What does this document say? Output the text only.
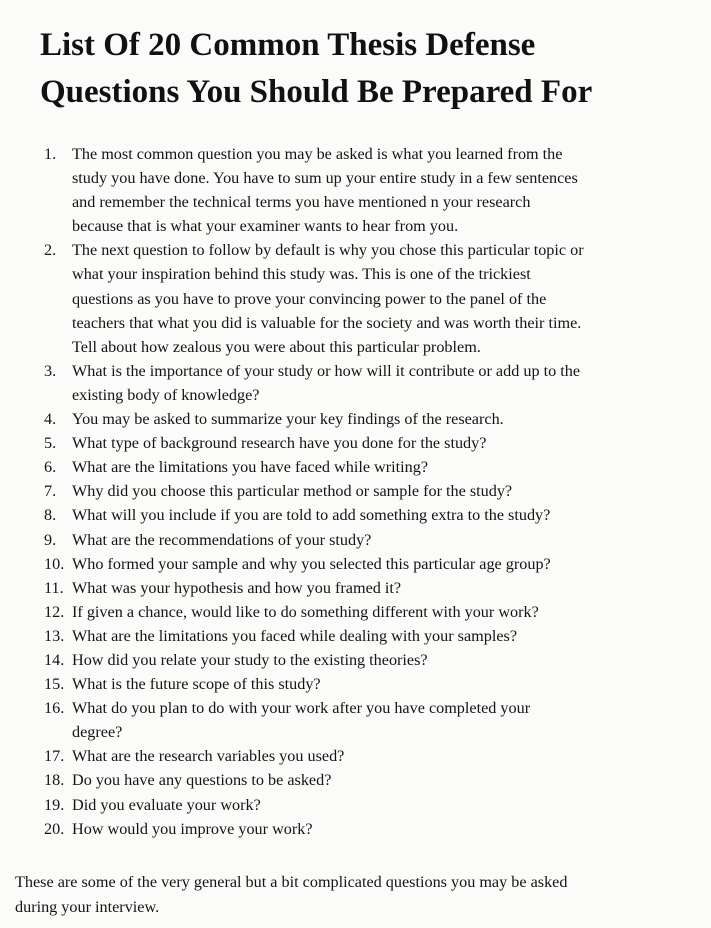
List Of 20 Common Thesis Defense
Questions You Should Be Prepared For
1. The most common question you may be asked is what you learned from the
study you have done. You have to sum up your entire study in a few sentences
and remember the technical terms you have mentioned n your research
because that is what your examiner wants to hear from you.
2. The next question to follow by default is why you chose this particular topic or
what your inspiration behind this study was. This is one of the trickiest
questions as you have to prove your convincing power to the panel of the
teachers that what you did is valuable for the society and was worth their time.
Tell about how zealous you were about this particular problem.
3. What is the importance of your study or how will it contribute or add up to the
existing body of knowledge?
4. You may be asked to summarize your key findings of the research.
5. What type of background research have you done for the study?
6. What are the limitations you have faced while writing?
7. Why did you choose this particular method or sample for the study?
8. What will you include if you are told to add something extra to the study?
9. What are the recommendations of your study?
10. Who formed your sample and why you selected this particular age group?
11. What was your hypothesis and how you framed it?
12. If given a chance, would like to do something different with your work?
13. What are the limitations you faced while dealing with your samples?
14. How did you relate your study to the existing theories?
15. What is the future scope of this study?
16. What do you plan to do with your work after you have completed your
degree?
17. What are the research variables you used?
18. Do you have any questions to be asked?
19. Did you evaluate your work?
20. How would you improve your work?

These are some of the very general but a bit complicated questions you may be asked
during your interview.
